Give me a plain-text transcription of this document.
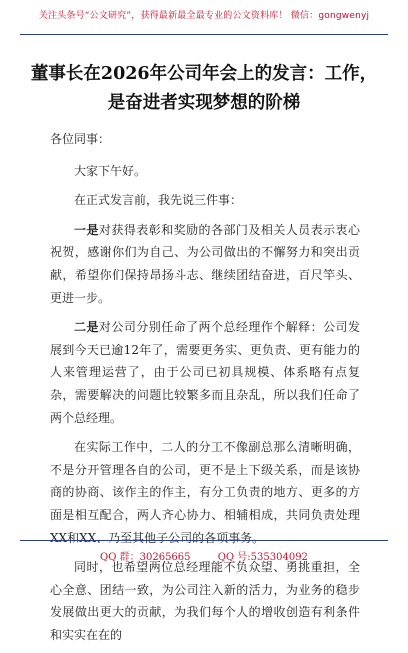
关注头条号“公文研究”，获得最新最全最专业的公文资料库！ 微信：gongwenyj
董事长在2026年公司年会上的发言：工作，是奋进者实现梦想的阶梯

各位同事：

大家下午好。

在正式发言前，我先说三件事：

一是对获得表彰和奖励的各部门及相关人员表示衷心祝贺，感谢你们为自己、为公司做出的不懈努力和突出贡献，希望你们保持昂扬斗志、继续团结奋进，百尺竿头、更进一步。

二是对公司分别任命了两个总经理作个解释：公司发展到今天已逾12年了，需要更务实、更负责、更有能力的人来管理运营了，由于公司已初具规模、体系略有点复杂，需要解决的问题比较繁多而且杂乱，所以我们任命了两个总经理。

在实际工作中，二人的分工不像副总那么清晰明确，不是分开管理各自的公司，更不是上下级关系，而是该协商的协商、该作主的作主，有分工负责的地方、更多的方面是相互配合，两人齐心协力、相辅相成，共同负责处理XX和XX、乃至其他子公司的各项事务。

同时，也希望两位总经理能不负众望、勇挑重担，全心全意、团结一致，为公司注入新的活力，为业务的稳步发展做出更大的贡献，为我们每个人的增收创造有利条件和实实在在的

QQ 群：30265665	QQ 号:535304092
